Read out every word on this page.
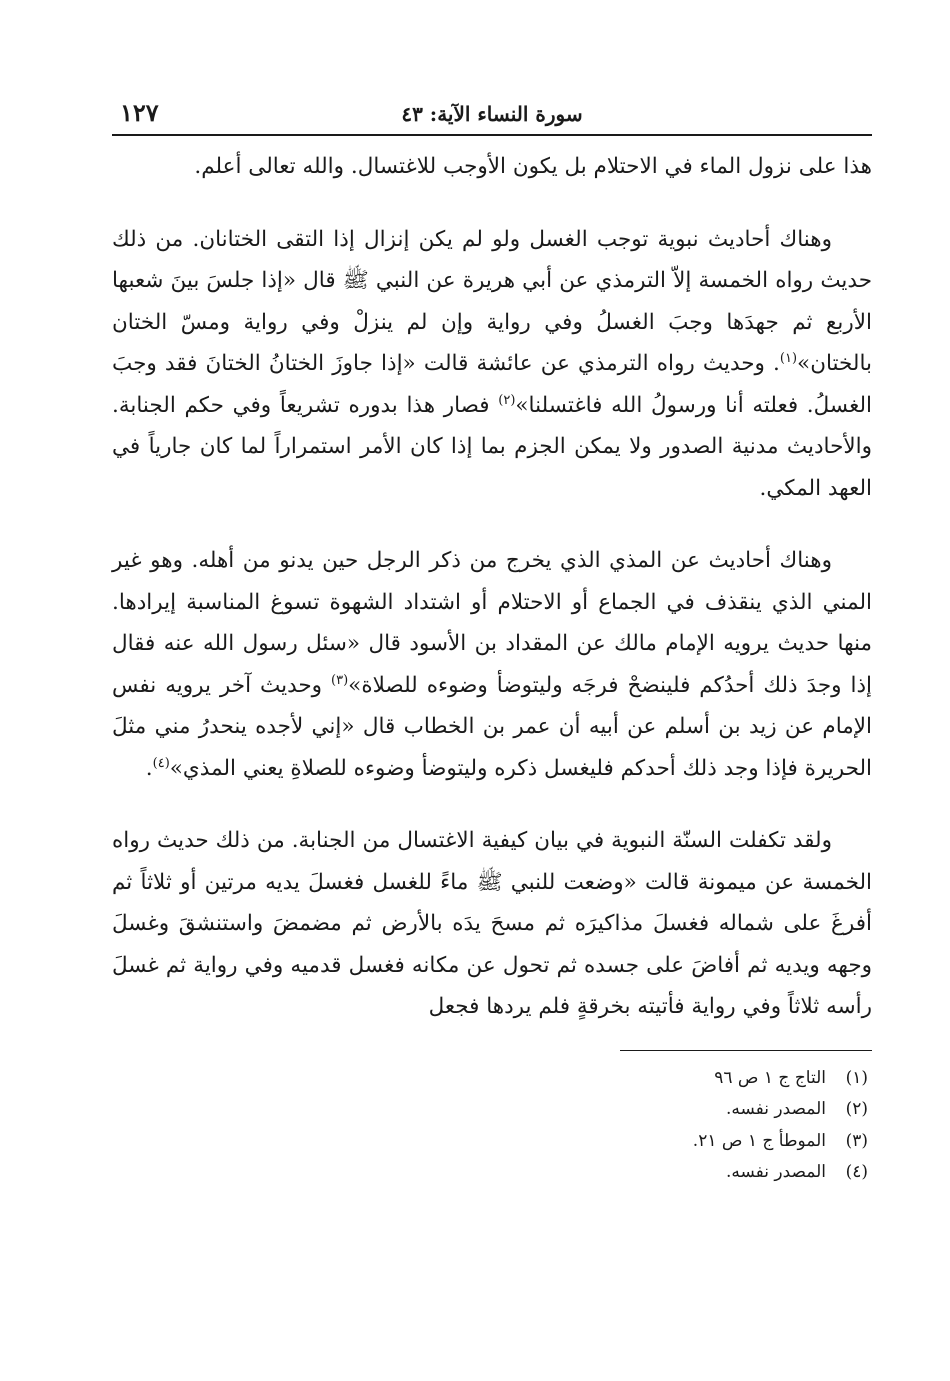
سورة النساء الآية: ٤٣
١٢٧

هذا على نزول الماء في الاحتلام بل يكون الأوجب للاغتسال. والله تعالى أعلم.

وهناك أحاديث نبوية توجب الغسل ولو لم يكن إنزال إذا التقى الختانان. من ذلك حديث رواه الخمسة إلاّ الترمذي عن أبي هريرة عن النبي ﷺ قال «إذا جلسَ بينَ شعبها الأربع ثم جهدَها وجبَ الغسلُ وفي رواية وإن لم ينزلْ وفي رواية ومسّ الختان بالختان»$^{(١)}$. وحديث رواه الترمذي عن عائشة قالت «إذا جاوزَ الختانُ الختانَ فقد وجبَ الغسلُ. فعلته أنا ورسولُ الله فاغتسلنا»$^{(٢)}$ فصار هذا بدوره تشريعاً وفي حكم الجنابة. والأحاديث مدنية الصدور ولا يمكن الجزم بما إذا كان الأمر استمراراً لما كان جارياً في العهد المكي.

وهناك أحاديث عن المذي الذي يخرج من ذكر الرجل حين يدنو من أهله. وهو غير المني الذي ينقذف في الجماع أو الاحتلام أو اشتداد الشهوة تسوغ المناسبة إيرادها. منها حديث يرويه الإمام مالك عن المقداد بن الأسود قال «سئل رسول الله عنه فقال إذا وجدَ ذلك أحدُكم فلينضحْ فرجَه وليتوضأ وضوءه للصلاة»$^{(٣)}$ وحديث آخر يرويه نفس الإمام عن زيد بن أسلم عن أبيه أن عمر بن الخطاب قال «إني لأجده ينحدرُ مني مثلَ الحريرة فإذا وجد ذلك أحدكم فليغسل ذكره وليتوضأ وضوءه للصلاةِ يعني المذي»$^{(٤)}$.

ولقد تكفلت السنّة النبوية في بيان كيفية الاغتسال من الجنابة. من ذلك حديث رواه الخمسة عن ميمونة قالت «وضعت للنبي ﷺ ماءً للغسل فغسلَ يديه مرتين أو ثلاثاً ثم أفرغَ على شماله فغسلَ مذاكيرَه ثم مسحَ يدَه بالأرض ثم مضمضَ واستنشقَ وغسلَ وجهه ويديه ثم أفاضَ على جسده ثم تحول عن مكانه فغسل قدميه وفي رواية ثم غسلَ رأسه ثلاثاً وفي رواية فأتيته بخرقةٍ فلم يردها فجعل

(١)
التاج ج ١ ص ٩٦
(٢)
المصدر نفسه.
(٣)
الموطأ ج ١ ص ٢١.
(٤)
المصدر نفسه.
